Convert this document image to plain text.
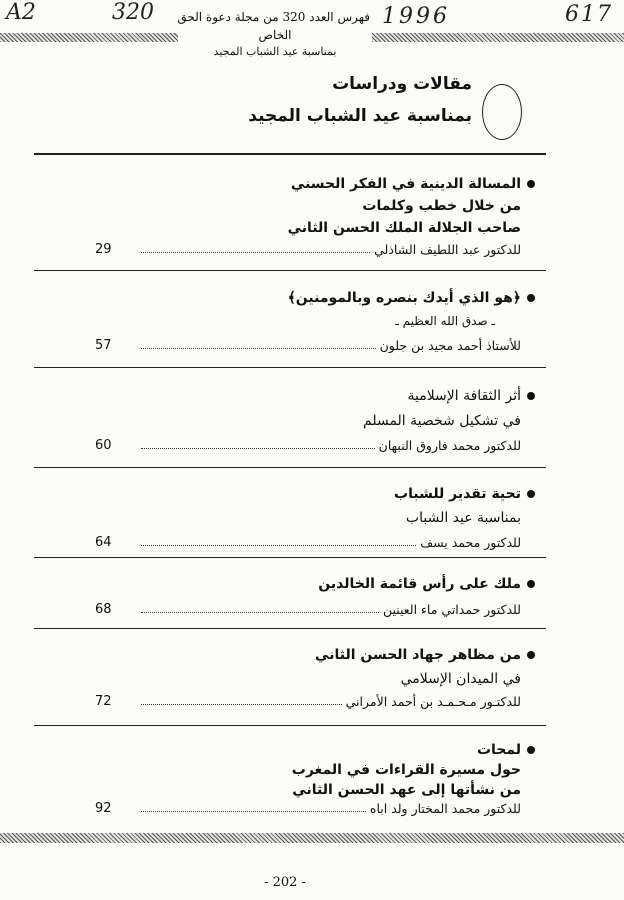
A2	320	1996	617
فهرس العدد 320 من مجلة دعوة الحق
الخاص
بمناسبة عيد الشباب المجيد
مقالات ودراسات
بمناسبة عيد الشباب المجيد
المسالة الدينية في الفكر الحسني
من خلال خطب وكلمات
صاحب الجلالة الملك الحسن الثاني
للدكتور عبد اللطيف الشاذلي
29
﴿هو الذي أيدك بنصره وبالمومنين﴾
ـ صدق الله العظيم ـ
للأستاذ أحمد مجيد بن جلون
57
أثر الثقافة الإسلامية
في تشكيل شخصية المسلم
للدكتور محمد فاروق النبهان
60
تحية تقدير للشباب
بمناسبة عيد الشباب
للدكتور محمد يسف
64
ملك على رأس قائمة الخالدين
للدكتور حمداتي ماء العينين
68
من مظاهر جهاد الحسن الثاني
في الميدان الإسلامي
للدكتـور مـحـمـد بن أحمد الأمراني
72
لمحات
حول مسيرة القراءات في المغرب
من نشأتها إلى عهد الحسن الثاني
للدكتور محمد المختار ولد اباه
92
- 202 -
